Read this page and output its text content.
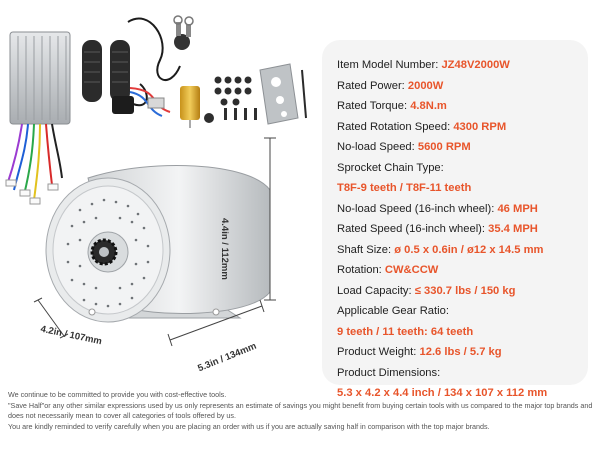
4.4in / 112mm
4.2in / 107mm
5.3in / 134mm
Item Model Number: JZ48V2000W
Rated Power: 2000W
Rated Torque: 4.8N.m
Rated Rotation Speed: 4300 RPM
No-load Speed: 5600 RPM
Sprocket Chain Type:
T8F-9 teeth / T8F-11 teeth
No-load Speed (16-inch wheel): 46 MPH
Rated Speed (16-inch wheel): 35.4 MPH
Shaft Size: ø 0.5 x 0.6in / ø12 x 14.5 mm
Rotation: CW&CCW
Load Capacity: ≤ 330.7 lbs / 150 kg
Applicable Gear Ratio:
9 teeth / 11 teeth: 64 teeth
Product Weight: 12.6 lbs / 5.7 kg
Product Dimensions:
5.3 x 4.2 x 4.4 inch / 134 x 107 x 112 mm

We continue to be committed to provide you with cost-effective tools.

"Save Half"or any other similar expressions used by us only represents an estimate of savings you might benefit from buying certain tools with us compared to the major top brands and does not necessarily mean to cover all categories of tools offered by us.

You are kindly reminded to verify carefully when you are placing an order with us if you are actually saving half in comparison with the top major brands.
